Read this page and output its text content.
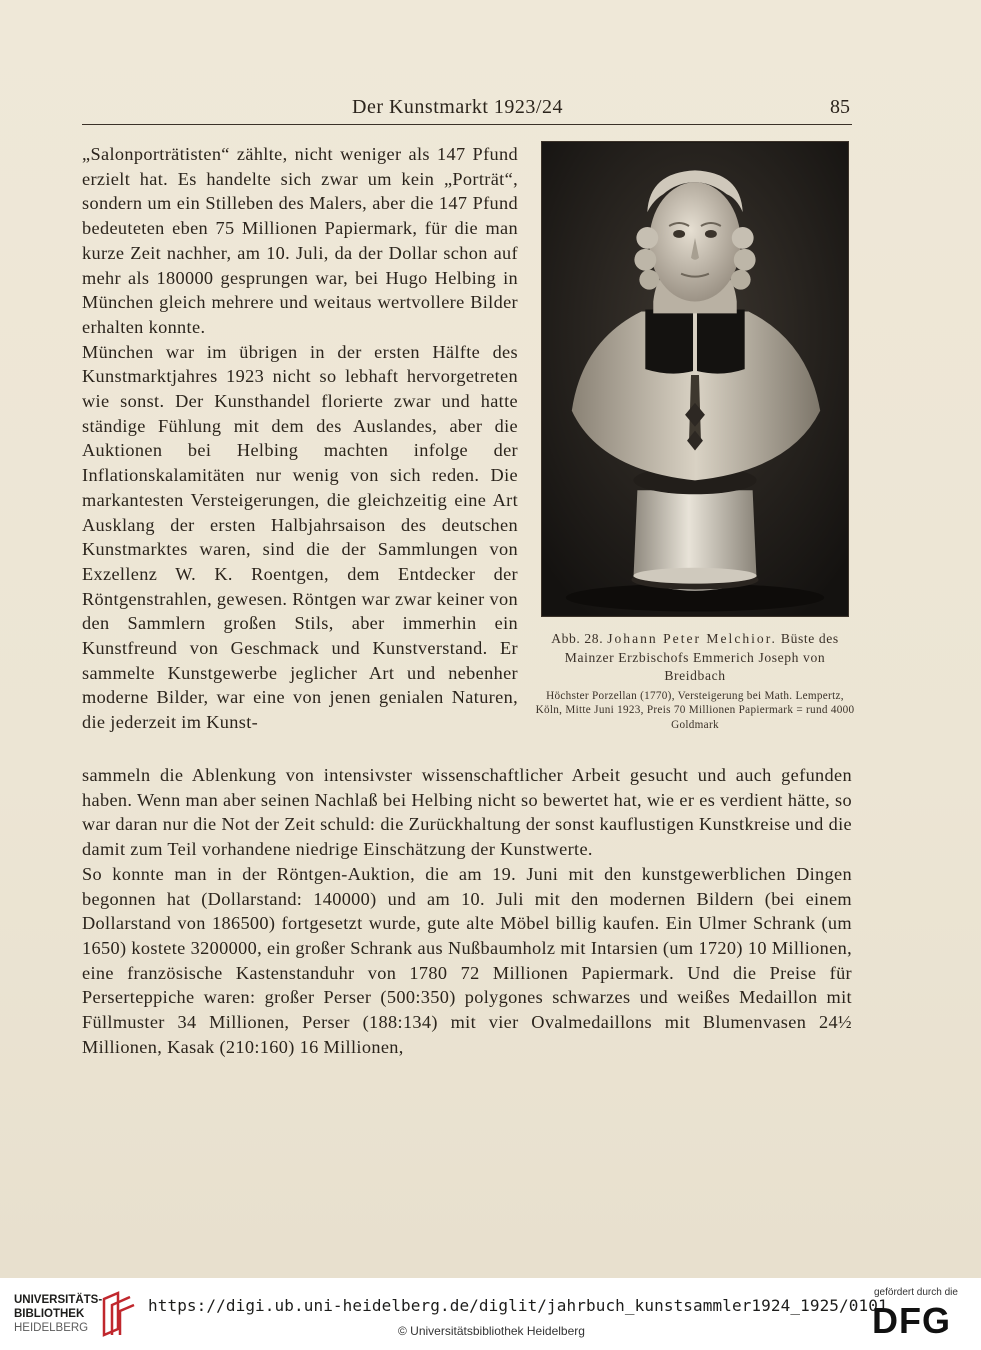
Der Kunstmarkt 1923/24	85

„Salonporträtisten“ zählte, nicht weniger als 147 Pfund erzielt hat. Es handelte sich zwar um kein „Porträt“, sondern um ein Stilleben des Malers, aber die 147 Pfund bedeuteten eben 75 Millionen Papiermark, für die man kurze Zeit nachher, am 10. Juli, da der Dollar schon auf mehr als 180000 gesprungen war, bei Hugo Helbing in München gleich mehrere und weitaus wertvollere Bilder erhalten konnte.

München war im übrigen in der ersten Hälfte des Kunstmarktjahres 1923 nicht so lebhaft hervorgetreten wie sonst. Der Kunsthandel florierte zwar und hatte ständige Fühlung mit dem des Auslandes, aber die Auktionen bei Helbing machten infolge der Inflationskalamitäten nur wenig von sich reden. Die markantesten Versteigerungen, die gleichzeitig eine Art Ausklang der ersten Halbjahrsaison des deutschen Kunstmarktes waren, sind die der Sammlungen von Exzellenz W. K. Roentgen, dem Entdecker der Röntgenstrahlen, gewesen. Röntgen war zwar keiner von den Sammlern großen Stils, aber immerhin ein Kunstfreund von Geschmack und Kunstverstand. Er sammelte Kunstgewerbe jeglicher Art und nebenher moderne Bilder, war eine von jenen genialen Naturen, die jederzeit im Kunst-

Abb. 28. Johann Peter Melchior. Büste des Mainzer Erzbischofs Emmerich Joseph von Breidbach
Höchster Porzellan (1770), Versteigerung bei Math. Lempertz, Köln, Mitte Juni 1923, Preis 70 Millionen Papiermark = rund 4000 Goldmark

sammeln die Ablenkung von intensivster wissenschaftlicher Arbeit gesucht und auch gefunden haben. Wenn man aber seinen Nachlaß bei Helbing nicht so bewertet hat, wie er es verdient hätte, so war daran nur die Not der Zeit schuld: die Zurückhaltung der sonst kauflustigen Kunstkreise und die damit zum Teil vorhandene niedrige Einschätzung der Kunstwerte.

So konnte man in der Röntgen-Auktion, die am 19. Juni mit den kunstgewerblichen Dingen begonnen hat (Dollarstand: 140000) und am 10. Juli mit den modernen Bildern (bei einem Dollarstand von 186500) fortgesetzt wurde, gute alte Möbel billig kaufen. Ein Ulmer Schrank (um 1650) kostete 3200000, ein großer Schrank aus Nußbaumholz mit Intarsien (um 1720) 10 Millionen, eine französische Kastenstanduhr von 1780 72 Millionen Papiermark. Und die Preise für Perserteppiche waren: großer Perser (500:350) polygones schwarzes und weißes Medaillon mit Füllmuster 34 Millionen, Perser (188:134) mit vier Ovalmedaillons mit Blumenvasen 24½ Millionen, Kasak (210:160) 16 Millionen,

UNIVERSITÄTS-
BIBLIOTHEK
HEIDELBERG
https://digi.ub.uni-heidelberg.de/diglit/jahrbuch_kunstsammler1924_1925/0101
© Universitätsbibliothek Heidelberg
gefördert durch die
DFG
